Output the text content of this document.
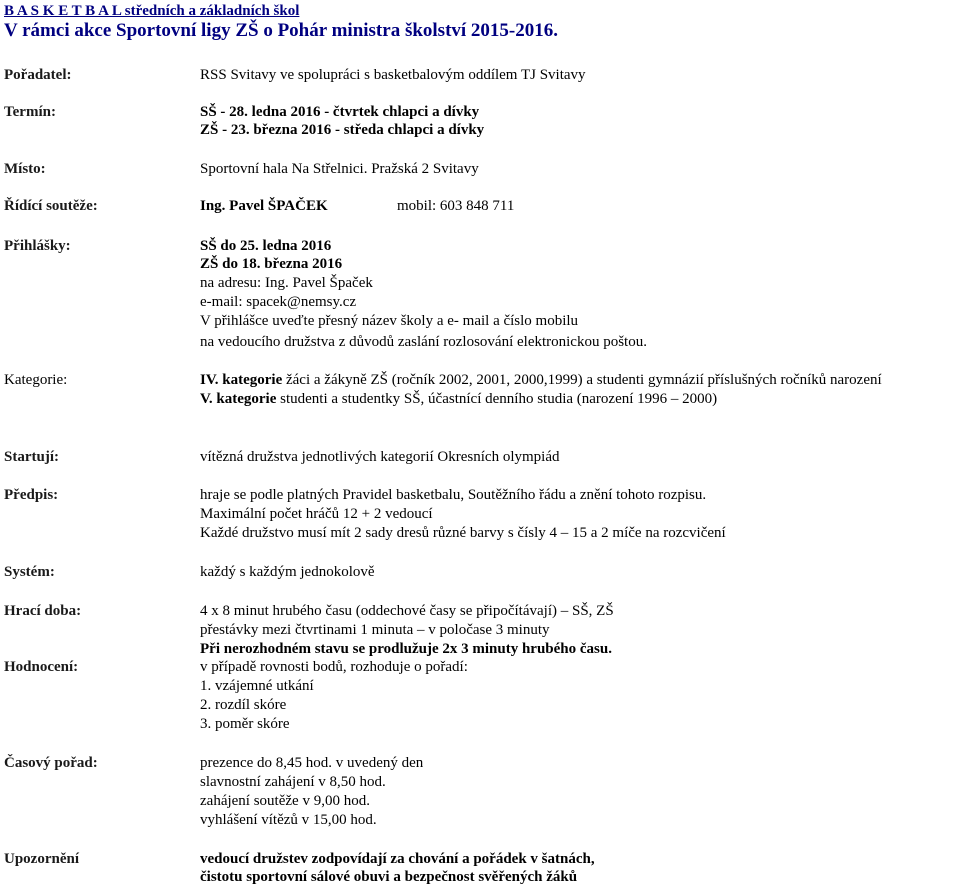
B A S K E T B A L středních a základních škol
V rámci akce Sportovní ligy ZŠ o Pohár ministra školství 2015-2016.
Pořadatel:	RSS Svitavy ve spolupráci s basketbalovým oddílem TJ Svitavy
Termín:	SŠ - 28. ledna 2016 - čtvrtek chlapci a dívky
ZŠ - 23. března 2016 - středa chlapci a dívky
Místo:	Sportovní hala Na Střelnici. Pražská 2 Svitavy
Řídící soutěže:	Ing. Pavel ŠPAČEK	mobil: 603 848 711
Přihlášky:	SŠ do 25. ledna 2016
ZŠ do 18. března 2016
na adresu: Ing. Pavel Špaček
e-mail: spacek@nemsy.cz
V přihlášce uveďte přesný název školy a e- mail a číslo mobilu
na vedoucího družstva z důvodů zaslání rozlosování elektronickou poštou.
Kategorie:	IV. kategorie žáci a žákyně ZŠ (ročník 2002, 2001, 2000,1999) a studenti gymnázií příslušných ročníků narození
V. kategorie studenti a studentky SŠ, účastnící denního studia (narození 1996 – 2000)
Startují:	vítězná družstva jednotlivých kategorií Okresních olympiád
Předpis:	hraje se podle platných Pravidel basketbalu, Soutěžního řádu a znění tohoto rozpisu.
Maximální počet hráčů 12 + 2 vedoucí
Každé družstvo musí mít 2 sady dresů různé barvy s čísly 4 – 15 a 2 míče na rozcvičení
Systém:	každý s každým jednokolově
Hrací doba:	4 x 8 minut hrubého času (oddechové časy se připočítávají) – SŠ, ZŠ
přestávky mezi čtvrtinami 1 minuta – v poločase 3 minuty
Při nerozhodném stavu se prodlužuje 2x 3 minuty hrubého času.
Hodnocení:	v případě rovnosti bodů, rozhoduje o pořadí:
1. vzájemné utkání
2. rozdíl skóre
3. poměr skóre
Časový pořad:	prezence do 8,45 hod. v uvedený den
slavnostní zahájení v 8,50 hod.
zahájení soutěže v 9,00 hod.
vyhlášení vítězů v 15,00 hod.
Upozornění	vedoucí družstev zodpovídají za chování a pořádek v šatnách,
čistotu sportovní sálové obuvi a bezpečnost svěřených žáků
